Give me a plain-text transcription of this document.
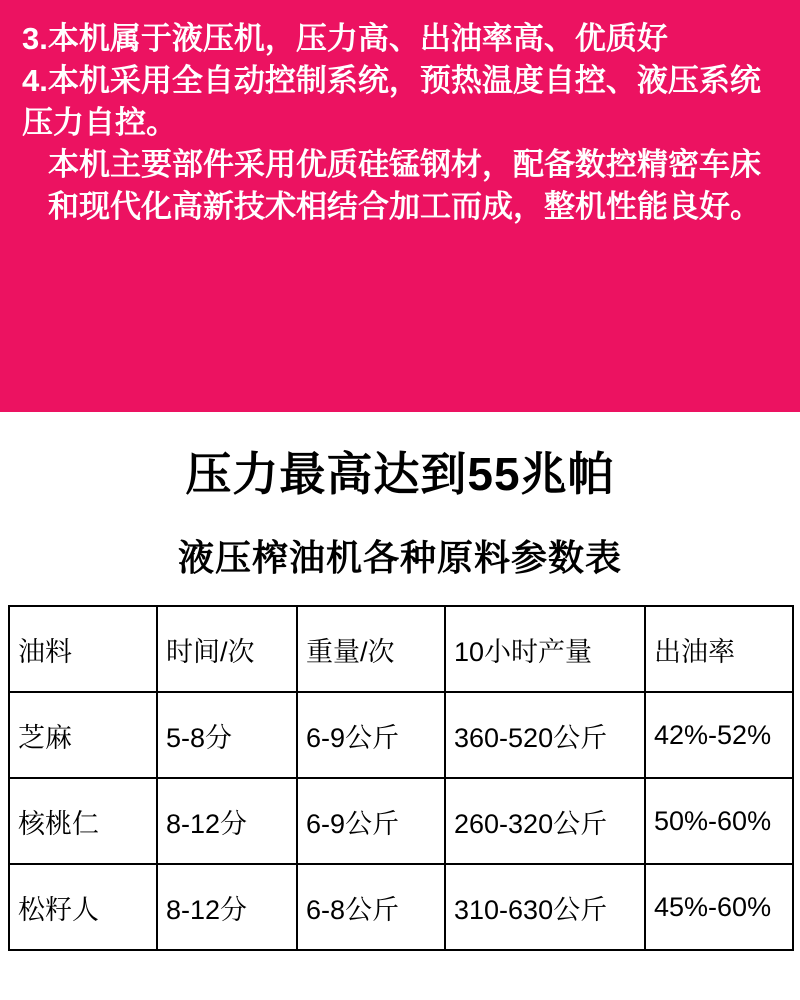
3.本机属于液压机，压力高、出油率高、优质好
4.本机采用全自动控制系统，预热温度自控、液压系统压力自控。
本机主要部件采用优质硅锰钢材，配备数控精密车床和现代化高新技术相结合加工而成，整机性能良好。
压力最高达到55兆帕
液压榨油机各种原料参数表
油料	时间/次	重量/次	10小时产量	出油率
芝麻	5-8分	6-9公斤	360-520公斤	42%-52%
核桃仁	8-12分	6-9公斤	260-320公斤	50%-60%
松籽人	8-12分	6-8公斤	310-630公斤	45%-60%
